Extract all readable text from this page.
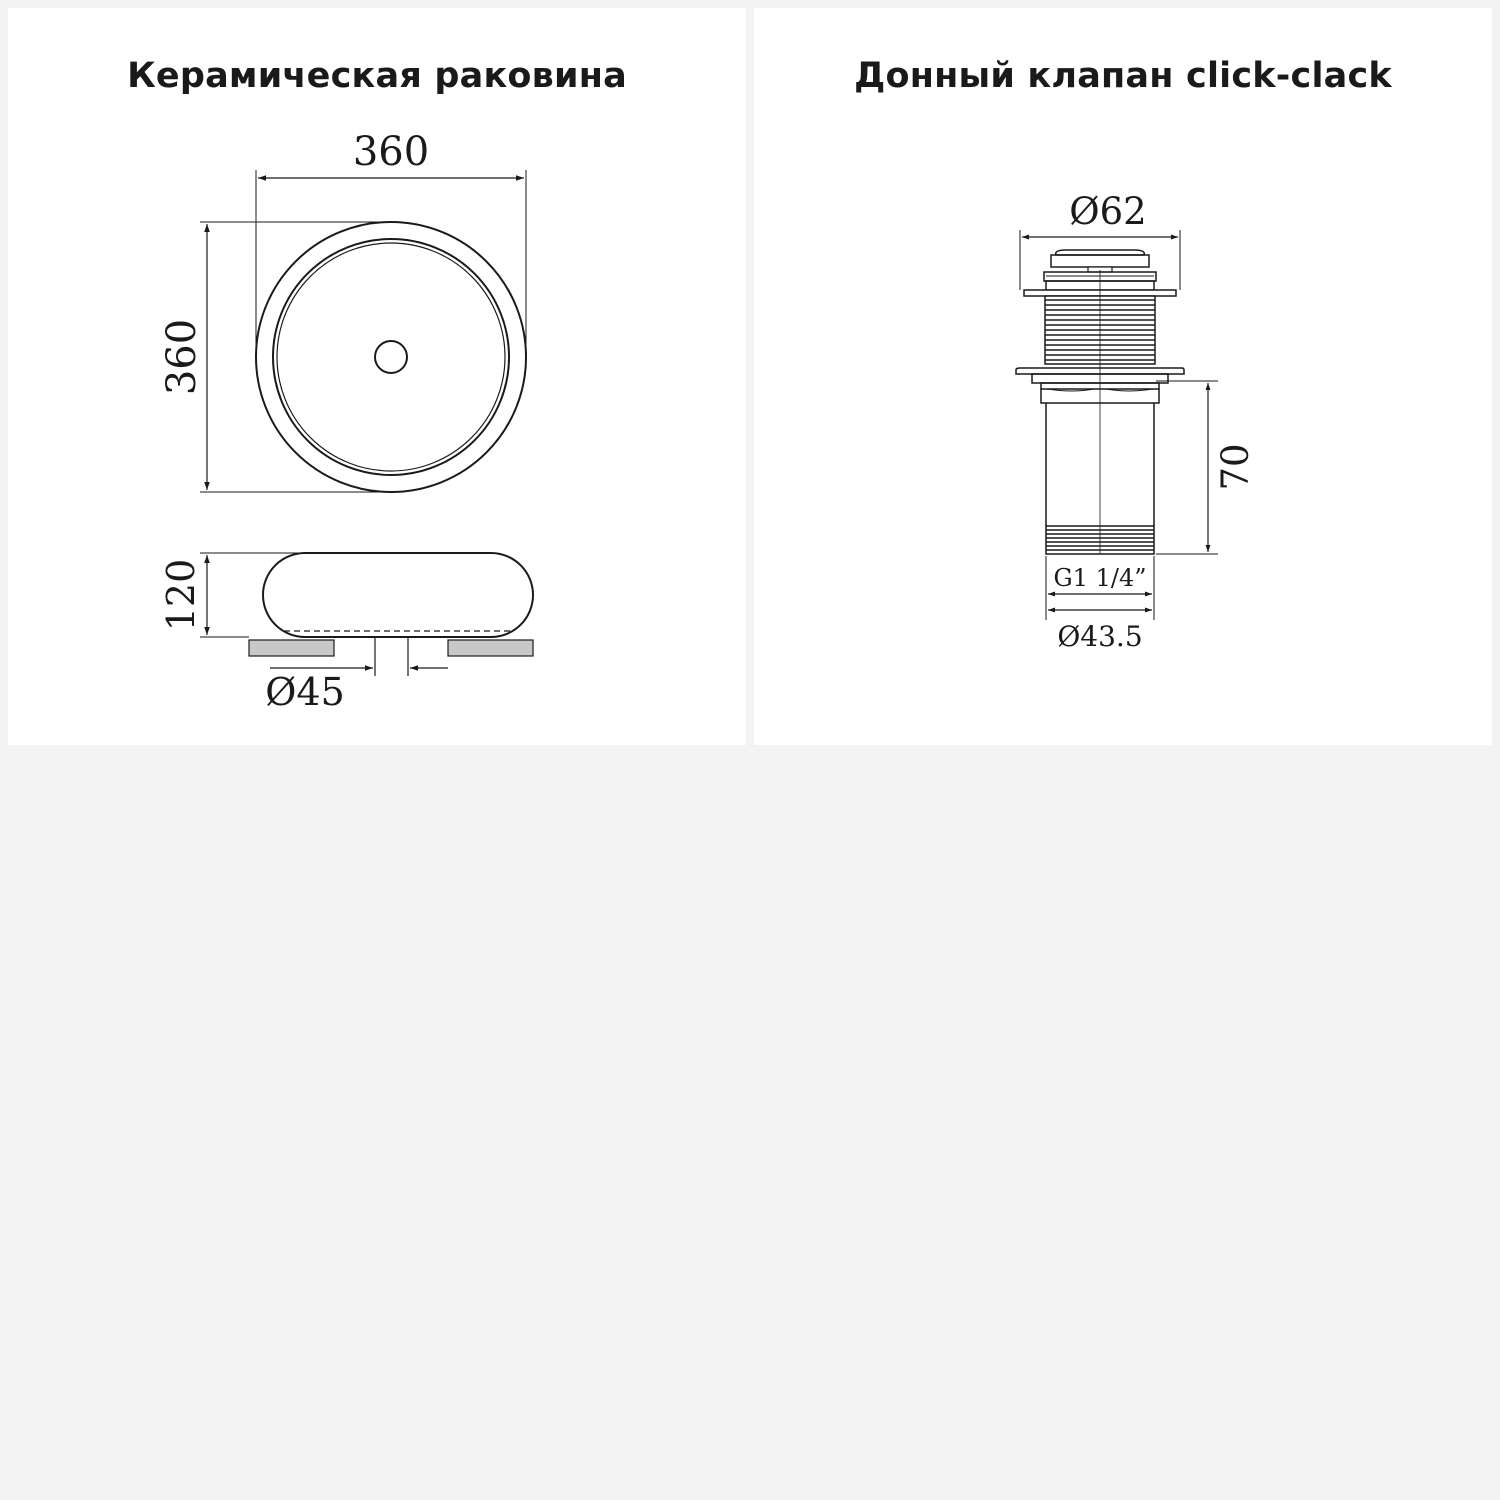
Керамическая раковина
360
360
120
Ø45
Донный клапан click-clack
Ø62
70
G1 1/4”
Ø43.5
